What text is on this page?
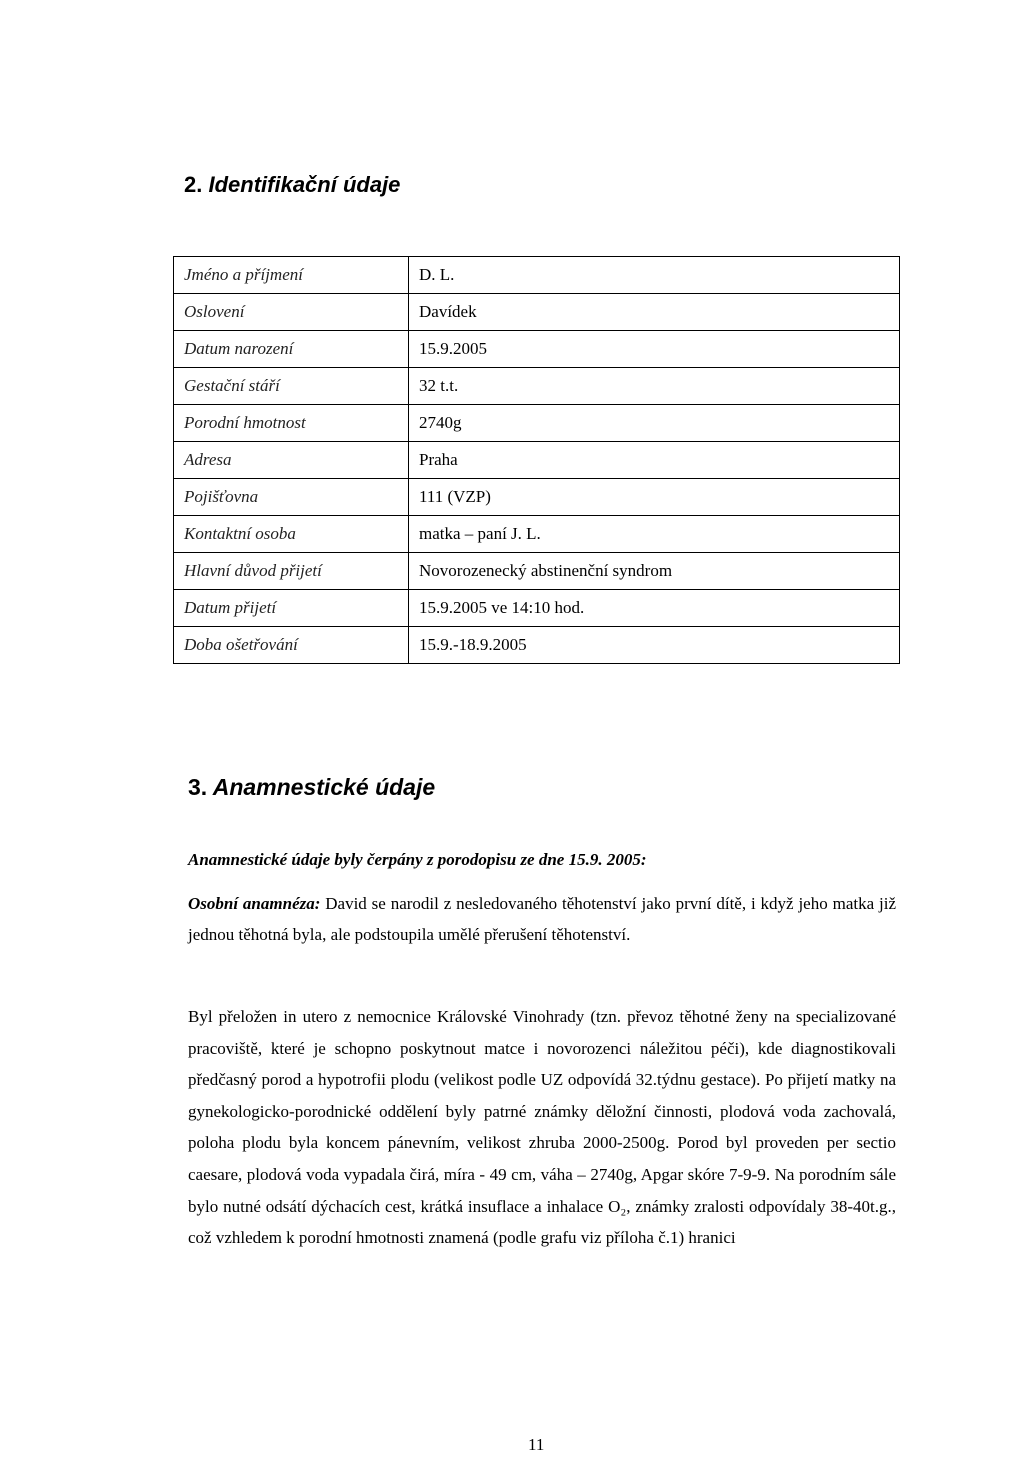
2. Identifikační údaje
Jméno a příjmení	D. L.
Oslovení	Davídek
Datum narození	15.9.2005
Gestační stáří	32 t.t.
Porodní hmotnost	2740g
Adresa	Praha
Pojišťovna	111 (VZP)
Kontaktní osoba	matka – paní J. L.
Hlavní důvod přijetí	Novorozenecký abstinenční syndrom
Datum přijetí	15.9.2005 ve 14:10 hod.
Doba ošetřování	15.9.-18.9.2005
3. Anamnestické údaje

Anamnestické údaje byly čerpány z porodopisu ze dne 15.9. 2005:

Osobní anamnéza: David se narodil z nesledovaného těhotenství jako první dítě, i když jeho matka již jednou těhotná byla, ale podstoupila umělé přerušení těhotenství.

Byl přeložen in utero z nemocnice Královské Vinohrady (tzn. převoz těhotné ženy na specializované pracoviště, které je schopno poskytnout matce i novorozenci náležitou péči), kde diagnostikovali předčasný porod a hypotrofii plodu (velikost podle UZ odpovídá 32.týdnu gestace). Po přijetí matky na gynekologicko-porodnické oddělení byly patrné známky děložní činnosti, plodová voda zachovalá, poloha plodu byla koncem pánevním, velikost zhruba 2000-2500g. Porod byl proveden per sectio caesare, plodová voda vypadala čirá, míra - 49 cm, váha – 2740g, Apgar skóre 7-9-9. Na porodním sále bylo nutné odsátí dýchacích cest, krátká insuflace a inhalace O₂, známky zralosti odpovídaly 38-40t.g., což vzhledem k porodní hmotnosti znamená (podle grafu viz příloha č.1) hranici

11
